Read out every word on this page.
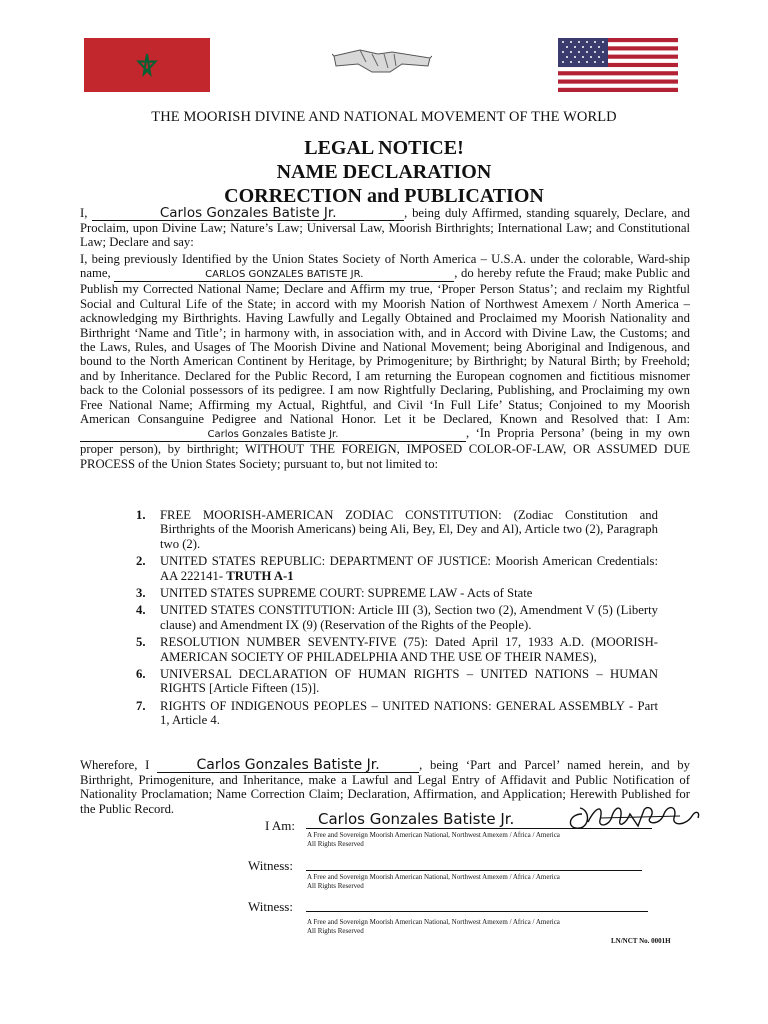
THE MOORISH DIVINE AND NATIONAL MOVEMENT OF THE WORLD
LEGAL NOTICE!
NAME DECLARATION
CORRECTION and PUBLICATION
I,	Carlos Gonzales Batiste Jr.	, being duly Affirmed, standing squarely, Declare, and Proclaim, upon Divine Law; Nature’s Law; Universal Law, Moorish Birthrights; International Law; and Constitutional Law; Declare and say:
I, being previously Identified by the Union States Society of North America – U.S.A. under the colorable, Ward-ship name,	CARLOS GONZALES BATISTE JR.	, do hereby refute the Fraud; make Public and Publish my Corrected National Name; Declare and Affirm my true, ‘Proper Person Status’; and reclaim my Rightful Social and Cultural Life of the State; in accord with my Moorish Nation of Northwest Amexem / North America – acknowledging my Birthrights. Having Lawfully and Legally Obtained and Proclaimed my Moorish Nationality and Birthright ‘Name and Title’; in harmony with, in association with, and in Accord with Divine Law, the Customs; and the Laws, Rules, and Usages of The Moorish Divine and National Movement; being Aboriginal and Indigenous, and bound to the North American Continent by Heritage, by Primogeniture; by Birthright; by Natural Birth; by Freehold; and by Inheritance. Declared for the Public Record, I am returning the European cognomen and fictitious misnomer back to the Colonial possessors of its pedigree. I am now Rightfully Declaring, Publishing, and Proclaiming my own Free National Name; Affirming my Actual, Rightful, and Civil ‘In Full Life’ Status; Conjoined to my Moorish American Consanguine Pedigree and National Honor. Let it be Declared, Known and Resolved that: I Am:Carlos Gonzales Batiste Jr.	, ‘In Propria Persona’ (being in my own proper person), by birthright; WITHOUT THE FOREIGN, IMPOSED COLOR-OF-LAW, OR ASSUMED DUE PROCESS of the Union States Society; pursuant to, but not limited to:
1. FREE MOORISH-AMERICAN ZODIAC CONSTITUTION: (Zodiac Constitution and Birthrights of the Moorish Americans) being Ali, Bey, El, Dey and Al), Article two (2), Paragraph two (2).
2. UNITED STATES REPUBLIC: DEPARTMENT OF JUSTICE: Moorish American Credentials: AA 222141- TRUTH A-1
3. UNITED STATES SUPREME COURT: SUPREME LAW - Acts of State
4. UNITED STATES CONSTITUTION: Article III (3), Section two (2), Amendment V (5) (Liberty clause) and Amendment IX (9) (Reservation of the Rights of the People).
5. RESOLUTION NUMBER SEVENTY-FIVE (75): Dated April 17, 1933 A.D. (MOORISH-AMERICAN SOCIETY OF PHILADELPHIA AND THE USE OF THEIR NAMES),
6. UNIVERSAL DECLARATION OF HUMAN RIGHTS – UNITED NATIONS – HUMAN RIGHTS [Article Fifteen (15)].
7. RIGHTS OF INDIGENOUS PEOPLES – UNITED NATIONS: GENERAL ASSEMBLY - Part 1, Article 4.
Wherefore, I	Carlos Gonzales Batiste Jr.	, being ‘Part and Parcel’ named herein, and by Birthright, Primogeniture, and Inheritance, make a Lawful and Legal Entry of Affidavit and Public Notification of Nationality Proclamation; Name Correction Claim; Declaration, Affirmation, and Application; Herewith Published for the Public Record.
I Am: Carlos Gonzales Batiste Jr.
A Free and Sovereign Moorish American National, Northwest Amexem / Africa / America
All Rights Reserved
Witness:
A Free and Sovereign Moorish American National, Northwest Amexem / Africa / America
All Rights Reserved
Witness:
A Free and Sovereign Moorish American National, Northwest Amexem / Africa / America
All Rights Reserved
LN/NCT No. 0001H
